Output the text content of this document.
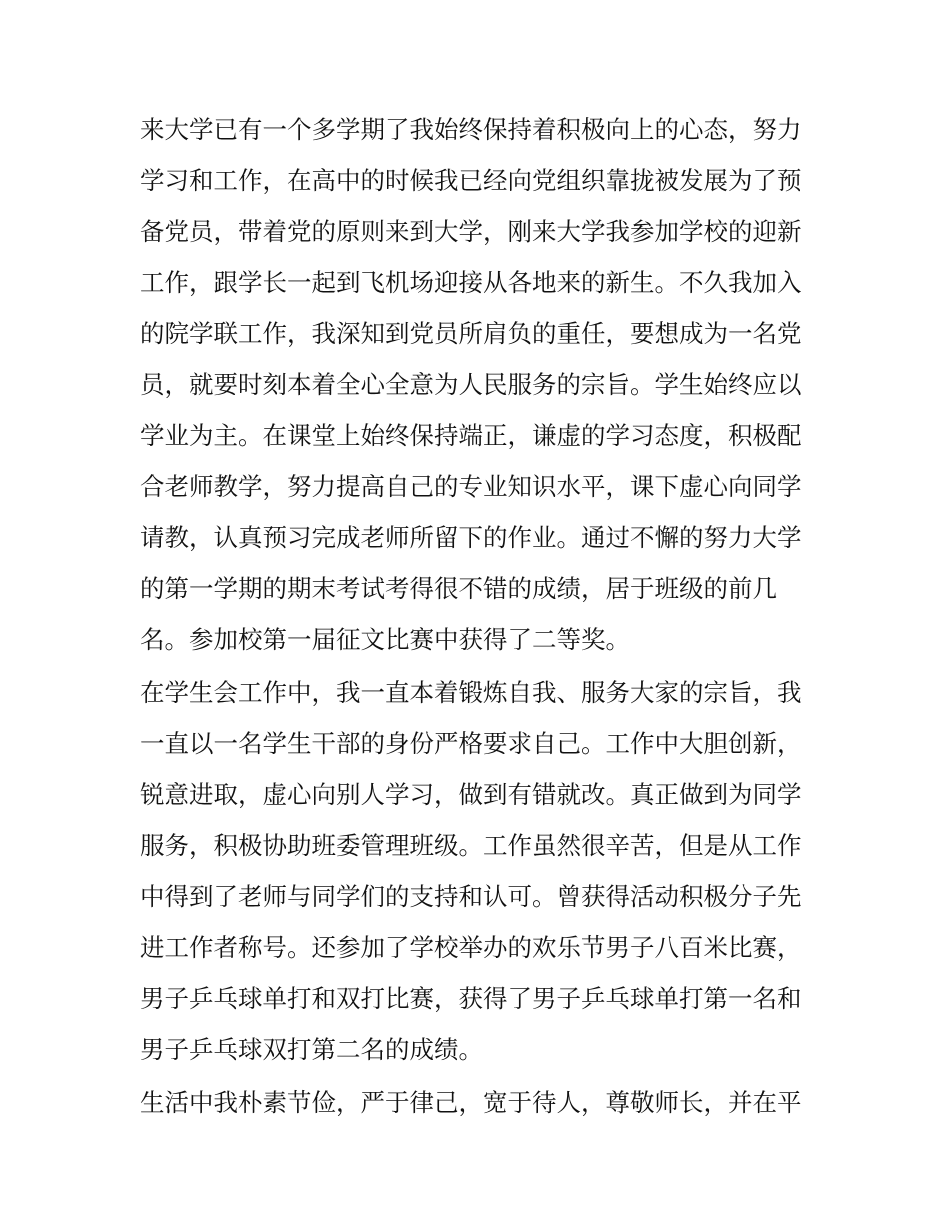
来大学已有一个多学期了我始终保持着积极向上的心态，努力
学习和工作，在高中的时候我已经向党组织靠拢被发展为了预
备党员，带着党的原则来到大学，刚来大学我参加学校的迎新
工作，跟学长一起到飞机场迎接从各地来的新生。不久我加入
的院学联工作，我深知到党员所肩负的重任，要想成为一名党
员，就要时刻本着全心全意为人民服务的宗旨。学生始终应以
学业为主。在课堂上始终保持端正，谦虚的学习态度，积极配
合老师教学，努力提高自己的专业知识水平，课下虚心向同学
请教，认真预习完成老师所留下的作业。通过不懈的努力大学
的第一学期的期末考试考得很不错的成绩，居于班级的前几
名。参加校第一届征文比赛中获得了二等奖。
在学生会工作中，我一直本着锻炼自我、服务大家的宗旨，我
一直以一名学生干部的身份严格要求自己。工作中大胆创新，
锐意进取，虚心向别人学习，做到有错就改。真正做到为同学
服务，积极协助班委管理班级。工作虽然很辛苦，但是从工作
中得到了老师与同学们的支持和认可。曾获得活动积极分子先
进工作者称号。还参加了学校举办的欢乐节男子八百米比赛，
男子乒乓球单打和双打比赛，获得了男子乒乓球单打第一名和
男子乒乓球双打第二名的成绩。
生活中我朴素节俭，严于律己，宽于待人，尊敬师长，并在平
